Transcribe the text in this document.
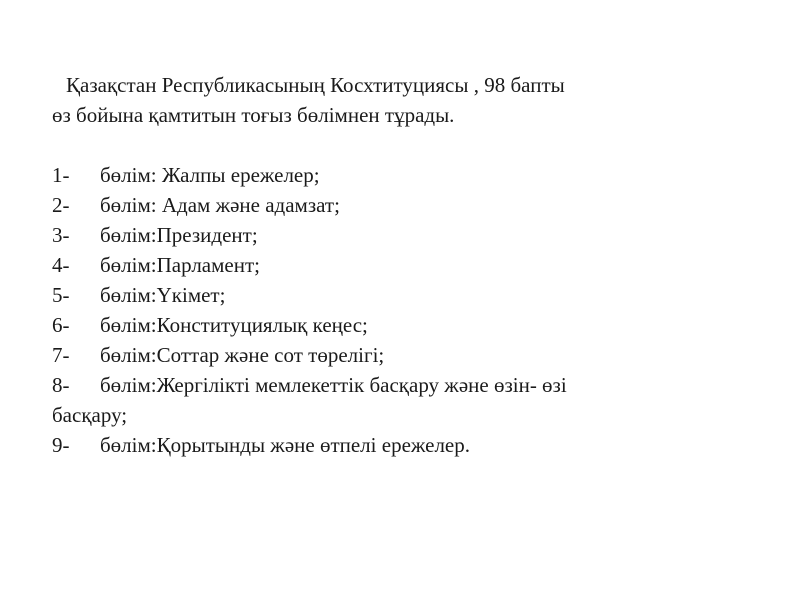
Қазақстан Республикасының Косхтитуциясы , 98 бапты
өз бойына қамтитын тоғыз бөлімнен тұрады.

1-	бөлім: Жалпы ережелер;
2-	бөлім: Адам және адамзат;
3-	бөлім:Президент;
4-	бөлім:Парламент;
5-	бөлім:Үкімет;
6-	бөлім:Конституциялық кеңес;
7-	бөлім:Соттар және сот төрелігі;
8-	бөлім:Жергілікті мемлекеттік басқару және өзін- өзі
басқару;
9-	бөлім:Қорытынды және өтпелі ережелер.
